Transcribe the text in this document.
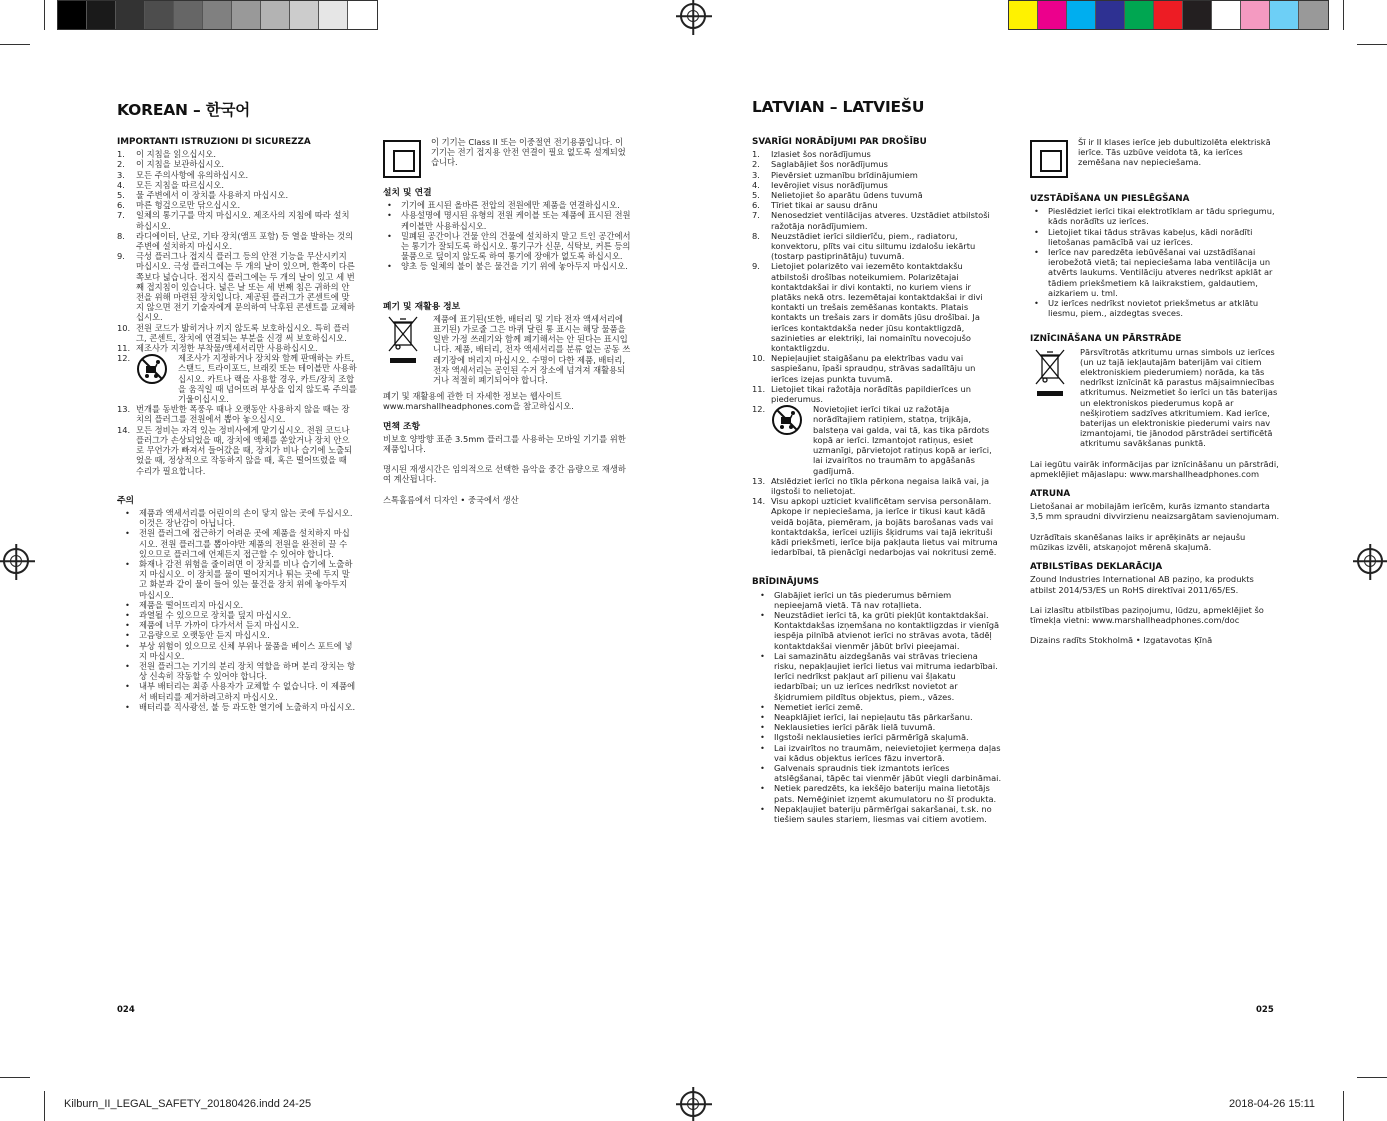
KOREAN – 한국어
IMPORTANTI ISTRUZIONI DI SICUREZZA
1.	이 지침을 읽으십시오.
2.	이 지침을 보관하십시오.
3.	모든 주의사항에 유의하십시오.
4.	모든 지침을 따르십시오.
5.	물 주변에서 이 장치를 사용하지 마십시오.
6.	마른 헝겊으로만 닦으십시오.
7.	일체의 통기구를 막지 마십시오. 제조사의 지침에 따라 설치하십시오.
8.	라디에이터, 난로, 기타 장치(앰프 포함) 등 열을 발하는 것의 주변에 설치하지 마십시오.
9.	극성 플러그나 접지식 플러그 등의 안전 기능을 무산시키지 마십시오. 극성 플러그에는 두 개의 날이 있으며, 한쪽이 다른 쪽보다 넓습니다. 접지식 플러그에는 두 개의 날이 있고 세 번째 접지침이 있습니다. 넓은 날 또는 세 번째 침은 귀하의 안전을 위해 마련된 장치입니다. 제공된 플러그가 콘센트에 맞지 않으면 전기 기술자에게 문의하여 낙후된 콘센트를 교체하십시오.
10. 전원 코드가 밟히거나 끼지 않도록 보호하십시오. 특히 플러그, 콘센트, 장치에 연결되는 부분을 신경 써 보호하십시오.
11. 제조사가 지정한 부착물/액세서리만 사용하십시오.
12.	제조사가 지정하거나 장치와 함께 판매하는 카트, 스탠드, 트라이포드, 브래킷 또는 테이블만 사용하십시오. 카트나 랙을 사용할 경우, 카트/장치 조합을 움직일 때 넘어뜨려 부상을 입지 않도록 주의를 기울이십시오.
13. 번개를 동반한 폭풍우 때나 오랫동안 사용하지 않을 때는 장치의 플러그를 전원에서 뽑아 놓으십시오.
14. 모든 정비는 자격 있는 정비사에게 맡기십시오. 전원 코드나 플러그가 손상되었을 때, 장치에 액체를 쏟았거나 장치 안으로 무언가가 빠져서 들어갔을 때, 장치가 비나 습기에 노출되었을 때, 정상적으로 작동하지 않을 때, 혹은 떨어뜨렸을 때 수리가 필요합니다.
주의
•	제품과 액세서리를 어린이의 손이 닿지 않는 곳에 두십시오. 이것은 장난감이 아닙니다.
•	전원 플러그에 접근하기 어려운 곳에 제품을 설치하지 마십시오. 전원 플러그를 뽑아야만 제품의 전원을 완전히 끌 수 있으므로 플러그에 언제든지 접근할 수 있어야 합니다.
•	화재나 감전 위험을 줄이려면 이 장치를 비나 습기에 노출하지 마십시오. 이 장치를 물이 떨어지거나 튀는 곳에 두지 말고 화분과 같이 물이 들어 있는 물건을 장치 위에 놓아두지 마십시오.
•	제품을 떨어뜨리지 마십시오.
•	과열될 수 있으므로 장치를 덮지 마십시오.
•	제품에 너무 가까이 다가서서 듣지 마십시오.
•	고음량으로 오랫동안 듣지 마십시오.
•	부상 위험이 있으므로 신체 부위나 물품을 베이스 포트에 넣지 마십시오.
•	전원 플러그는 기기의 분리 장치 역할을 하며 분리 장치는 항상 신속히 작동할 수 있어야 합니다.
•	내부 배터리는 최종 사용자가 교체할 수 없습니다. 이 제품에서 배터리를 제거하려고하지 마십시오.
•	배터리를 직사광선, 불 등 과도한 열기에 노출하지 마십시오.

이 기기는 Class II 또는 이중절연 전기용품입니다. 이 기기는 전기 접지용 안전 연결이 필요 없도록 설계되었습니다.

설치 및 연결
•	기기에 표시된 올바른 전압의 전원에만 제품을 연결하십시오.
•	사용설명에 명시된 유형의 전원 케이블 또는 제품에 표시된 전원 케이블만 사용하십시오.
•	밀폐된 공간이나 건물 안의 건물에 설치하지 말고 트인 공간에서는 통기가 잘되도록 하십시오. 통기구가 신문, 식탁보, 커튼 등의 물품으로 덮이지 않도록 하여 통기에 장애가 없도록 하십시오.
•	양초 등 일체의 불이 붙은 물건을 기기 위에 놓아두지 마십시오.
폐기 및 재활용 정보

제품에 표기된(또한, 배터리 및 기타 전자 액세서리에 표기된) 가로줄 그은 바퀴 달린 통 표시는 해당 물품을 일반 가정 쓰레기와 함께 폐기해서는 안 된다는 표시입니다. 제품, 배터리, 전자 액세서리를 분류 없는 공동 쓰레기장에 버리지 마십시오. 수명이 다한 제품, 배터리, 전자 액세서리는 공인된 수거 장소에 넘겨져 재활용되거나 적절히 폐기되어야 합니다.

폐기 및 재활용에 관한 더 자세한 정보는 웹사이트 www.marshallheadphones.com을 참고하십시오.

면책 조항

비보호 양방향 표준 3.5mm 플러그를 사용하는 모바일 기기를 위한 제품입니다.

명시된 재생시간은 임의적으로 선택한 음악을 중간 음량으로 재생하여 계산됩니다.

스톡홀름에서 디자인 • 중국에서 생산

024
LATVIAN – LATVIEŠU
SVARĪGI NORĀDĪJUMI PAR DROŠĪBU
1.	Izlasiet šos norādījumus
2.	Saglabājiet šos norādījumus
3.	Pievērsiet uzmanību brīdinājumiem
4.	Ievērojiet visus norādījumus
5.	Nelietojiet šo aparātu ūdens tuvumā
6.	Tīriet tikai ar sausu drānu
7.	Nenosedziet ventilācijas atveres. Uzstādiet atbilstoši ražotāja norādījumiem.
8.	Neuzstādiet ierīci sildierīču, piem., radiatoru, konvektoru, plīts vai citu siltumu izdalošu iekārtu (tostarp pastiprinātāju) tuvumā.
9.	Lietojiet polarizēto vai iezemēto kontaktdakšu atbilstoši drošības noteikumiem. Polarizētajai kontaktdakšai ir divi kontakti, no kuriem viens ir platāks nekā otrs. Iezemētajai kontaktdakšai ir divi kontakti un trešais zemēšanas kontakts. Platais kontakts un trešais zars ir domāts jūsu drošībai. Ja ierīces kontaktdakša neder jūsu kontaktligzdā, sazinieties ar elektriķi, lai nomainītu novecojušo kontaktligzdu.
10. Nepieļaujiet staigāšanu pa elektrības vadu vai saspiešanu, īpaši spraudņu, strāvas sadalītāju un ierīces izejas punkta tuvumā.
11. Lietojiet tikai ražotāja norādītās papildierīces un piederumus.
12.	Novietojiet ierīci tikai uz ražotāja norādītajiem ratiņiem, statņa, trijkāja, balsteņa vai galda, vai tā, kas tika pārdots kopā ar ierīci. Izmantojot ratiņus, esiet uzmanīgi, pārvietojot ratiņus kopā ar ierīci, lai izvairītos no traumām to apgāšanās gadījumā.
13. Atslēdziet ierīci no tīkla pērkona negaisa laikā vai, ja ilgstoši to nelietojat.
14. Visu apkopi uzticiet kvalificētam servisa personālam. Apkope ir nepieciešama, ja ierīce ir tikusi kaut kādā veidā bojāta, piemēram, ja bojāts barošanas vads vai kontaktdakša, ierīcei uzlijis šķidrums vai tajā iekrituši kādi priekšmeti, ierīce bija pakļauta lietus vai mitruma iedarbībai, tā pienācīgi nedarbojas vai nokritusi zemē.
BRĪDINĀJUMS
•	Glabājiet ierīci un tās piederumus bērniem nepieejamā vietā. Tā nav rotaļlieta.
•	Neuzstādiet ierīci tā, ka grūti piekļūt kontaktdakšai. Kontaktdakšas izņemšana no kontaktligzdas ir vienīgā iespēja pilnībā atvienot ierīci no strāvas avota, tādēļ kontaktdakšai vienmēr jābūt brīvi pieejamai.
•	Lai samazinātu aizdegšanās vai strāvas trieciena risku, nepakļaujiet ierīci lietus vai mitruma iedarbībai. Ierīci nedrīkst pakļaut arī pilienu vai šļakatu iedarbībai; un uz ierīces nedrīkst novietot ar šķidrumiem pildītus objektus, piem., vāzes.
•	Nemetiet ierīci zemē.
•	Neapklājiet ierīci, lai nepieļautu tās pārkaršanu.
•	Neklausieties ierīci pārāk lielā tuvumā.
•	Ilgstoši neklausieties ierīci pārmērīgā skaļumā.
•	Lai izvairītos no traumām, neievietojiet ķermeņa daļas vai kādus objektus ierīces fāzu invertorā.
•	Galvenais spraudnis tiek izmantots ierīces atslēgšanai, tāpēc tai vienmēr jābūt viegli darbināmai.
•	Netiek paredzēts, ka iekšējo bateriju maina lietotājs pats. Nemēģiniet izņemt akumulatoru no šī produkta.
•	Nepakļaujiet bateriju pārmērīgai sakaršanai, t.sk. no tiešiem saules stariem, liesmas vai citiem avotiem.

Šī ir II klases ierīce jeb dubultizolēta elektriskā ierīce. Tās uzbūve veidota tā, ka ierīces zemēšana nav nepieciešama.

UZSTĀDĪŠANA UN PIESLĒGŠANA
•	Pieslēdziet ierīci tikai elektrotīklam ar tādu spriegumu, kāds norādīts uz ierīces.
•	Lietojiet tikai tādus strāvas kabeļus, kādi norādīti lietošanas pamācībā vai uz ierīces.
•	Ierīce nav paredzēta iebūvēšanai vai uzstādīšanai ierobežotā vietā; tai nepieciešama laba ventilācija un atvērts laukums. Ventilāciju atveres nedrīkst apklāt ar tādiem priekšmetiem kā laikrakstiem, galdautiem, aizkariem u. tml.
•	Uz ierīces nedrīkst novietot priekšmetus ar atklātu liesmu, piem., aizdegtas sveces.
IZNĪCINĀŠANA UN PĀRSTRĀDE

Pārsvītrotās atkritumu urnas simbols uz ierīces (un uz tajā iekļautajām baterijām vai citiem elektroniskiem piederumiem) norāda, ka tās nedrīkst iznīcināt kā parastus mājsaimniecības atkritumus. Neizmetiet šo ierīci un tās baterijas un elektroniskos piederumus kopā ar nešķirotiem sadzīves atkritumiem. Kad ierīce, baterijas un elektroniskie piederumi vairs nav izmantojami, tie jānodod pārstrādei sertificētā atkritumu savākšanas punktā.

Lai iegūtu vairāk informācijas par iznīcināšanu un pārstrādi, apmeklējiet mājaslapu: www.marshallheadphones.com

ATRUNA

Lietošanai ar mobilajām ierīcēm, kurās izmanto standarta 3,5 mm spraudni divvirzienu neaizsargātam savienojumam.

Uzrādītais skanēšanas laiks ir aprēķināts ar nejaušu mūzikas izvēli, atskaņojot mērenā skaļumā.

ATBILSTĪBAS DEKLARĀCIJA

Zound Industries International AB paziņo, ka produkts atbilst 2014/53/ES un RoHS direktīvai 2011/65/ES.

Lai izlasītu atbilstības paziņojumu, lūdzu, apmeklējiet šo tīmekļa vietni: www.marshallheadphones.com/doc

Dizains radīts Stokholmā • Izgatavotas Ķīnā

025
Kilburn_II_LEGAL_SAFETY_20180426.indd 24-25	2018-04-26 15:11
